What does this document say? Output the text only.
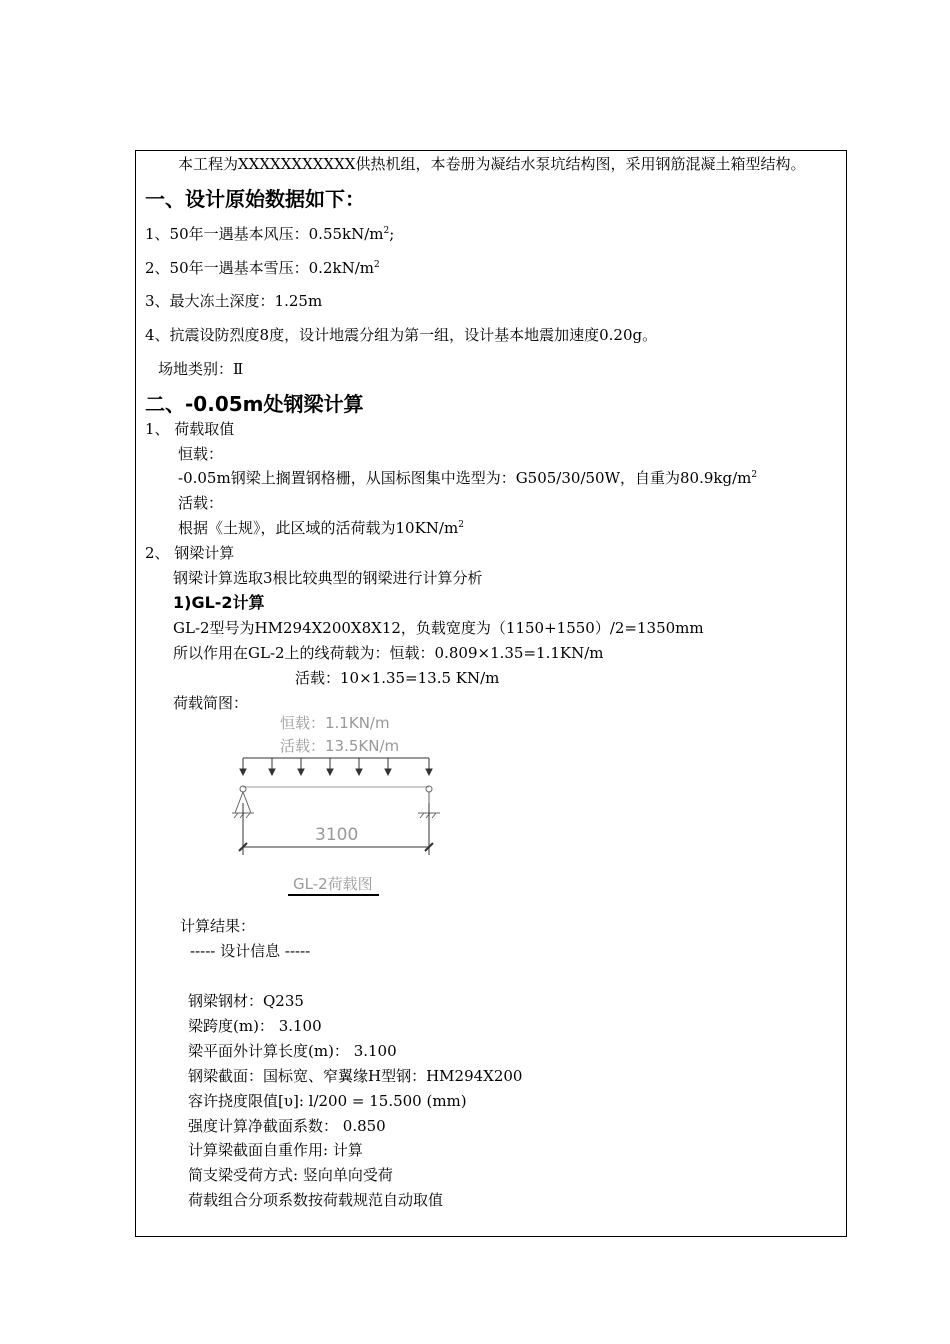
本工程为XXXXXXXXXXX供热机组，本卷册为凝结水泵坑结构图，采用钢筋混凝土箱型结构。
一、设计原始数据如下：
1、50年一遇基本风压：$0.55kN/m^2$;
2、50年一遇基本雪压：$0.2kN/m^2$
3、最大冻土深度：1.25m
4、抗震设防烈度8度，设计地震分组为第一组，设计基本地震加速度0.20g。
场地类别：Ⅱ
二、-0.05m处钢梁计算
1、 荷载取值
恒载：
-0.05m钢梁上搁置钢格栅，从国标图集中选型为：G505/30/50W，自重为$80.9kg/m^2$
活载：
根据《土规》，此区域的活荷载为$10KN/m^2$
2、 钢梁计算
钢梁计算选取3根比较典型的钢梁进行计算分析
1)GL-2计算
GL-2型号为HM294X200X8X12，负载宽度为（1150+1550）/2=1350mm
所以作用在GL-2上的线荷载为：恒载：0.809×1.35=1.1KN/m
活载：10×1.35=13.5 KN/m
荷载简图：
恒载：1.1KN/m
活载：13.5KN/m
3100
GL-2荷载图
计算结果：
----- 设计信息 -----
钢梁钢材：Q235
梁跨度(m)： 3.100
梁平面外计算长度(m)： 3.100
钢梁截面：国标宽、窄翼缘H型钢：HM294X200
容许挠度限值[υ]: l/200 = 15.500 (mm)
强度计算净截面系数： 0.850
计算梁截面自重作用: 计算
简支梁受荷方式: 竖向单向受荷
荷载组合分项系数按荷载规范自动取值
